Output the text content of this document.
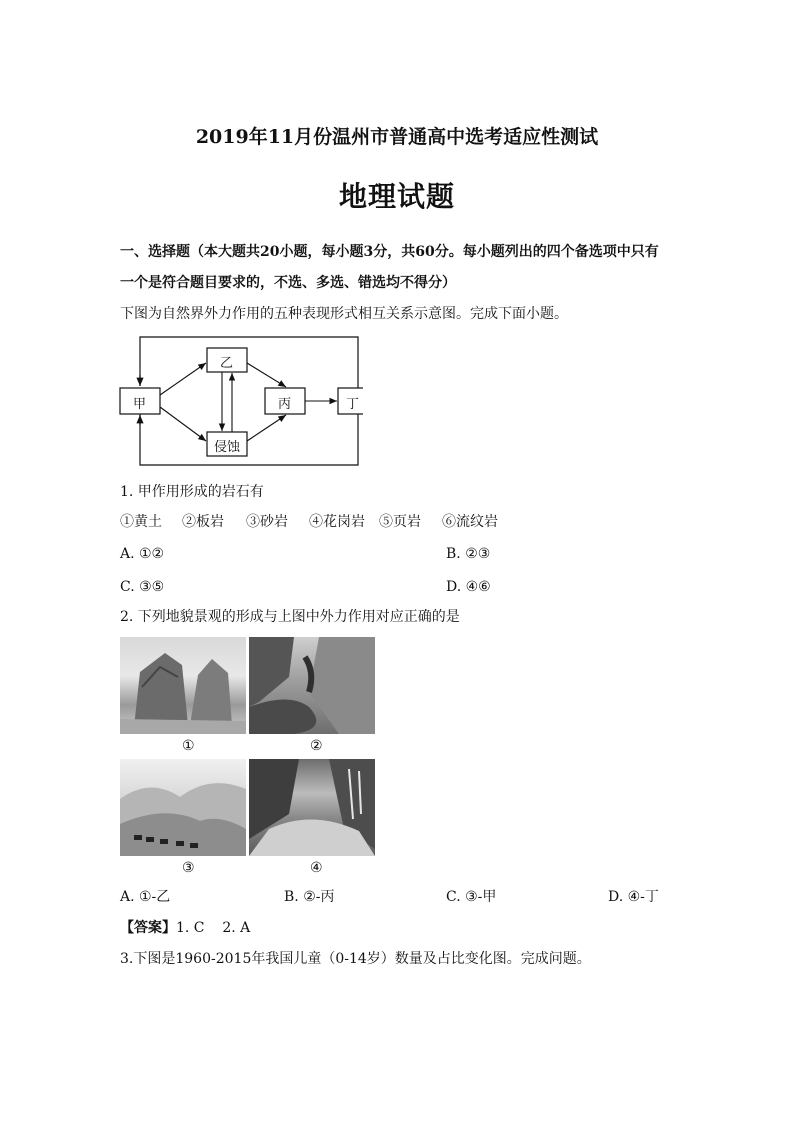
2019年11月份温州市普通高中选考适应性测试
地理试题
一、选择题（本大题共20小题，每小题3分，共60分。每小题列出的四个备选项中只有
一个是符合题目要求的，不选、多选、错选均不得分）
下图为自然界外力作用的五种表现形式相互关系示意图。完成下面小题。
甲
乙
丙	丁
侵蚀
1. 甲作用形成的岩石有
①黄土 ②板岩 ③砂岩 ④花岗岩 ⑤页岩 ⑥流纹岩
A. ①②	B. ②③
C. ③⑤	D. ④⑥
2. 下列地貌景观的形成与上图中外力作用对应正确的是
①	②
③	④
A. ①-乙	B. ②-丙	C. ③-甲	D. ④-丁
【答案】1. C    2. A
3.下图是1960-2015年我国儿童（0-14岁）数量及占比变化图。完成问题。
